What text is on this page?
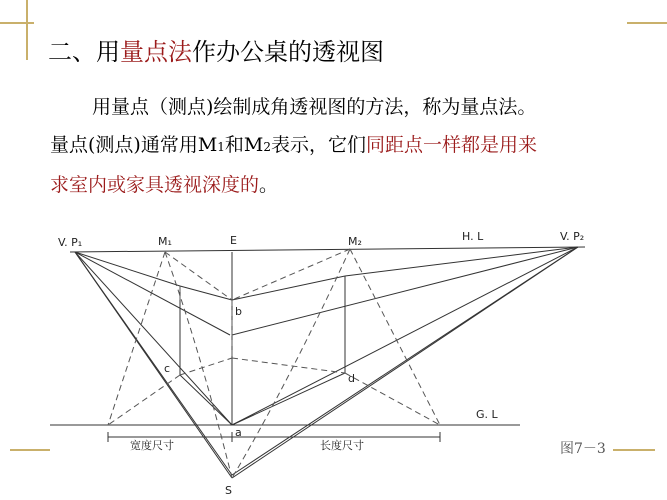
二、用量点法作办公桌的透视图
用量点（测点)绘制成角透视图的方法，称为量点法。
量点(测点)通常用M1和M2表示，它们同距点一样都是用来
求室内或家具透视深度的。
V. P₁	V. P₂
M₁	M₂
E	H. L
G. L
b
c
d
a
S
宽度尺寸	长度尺寸	图7－3
